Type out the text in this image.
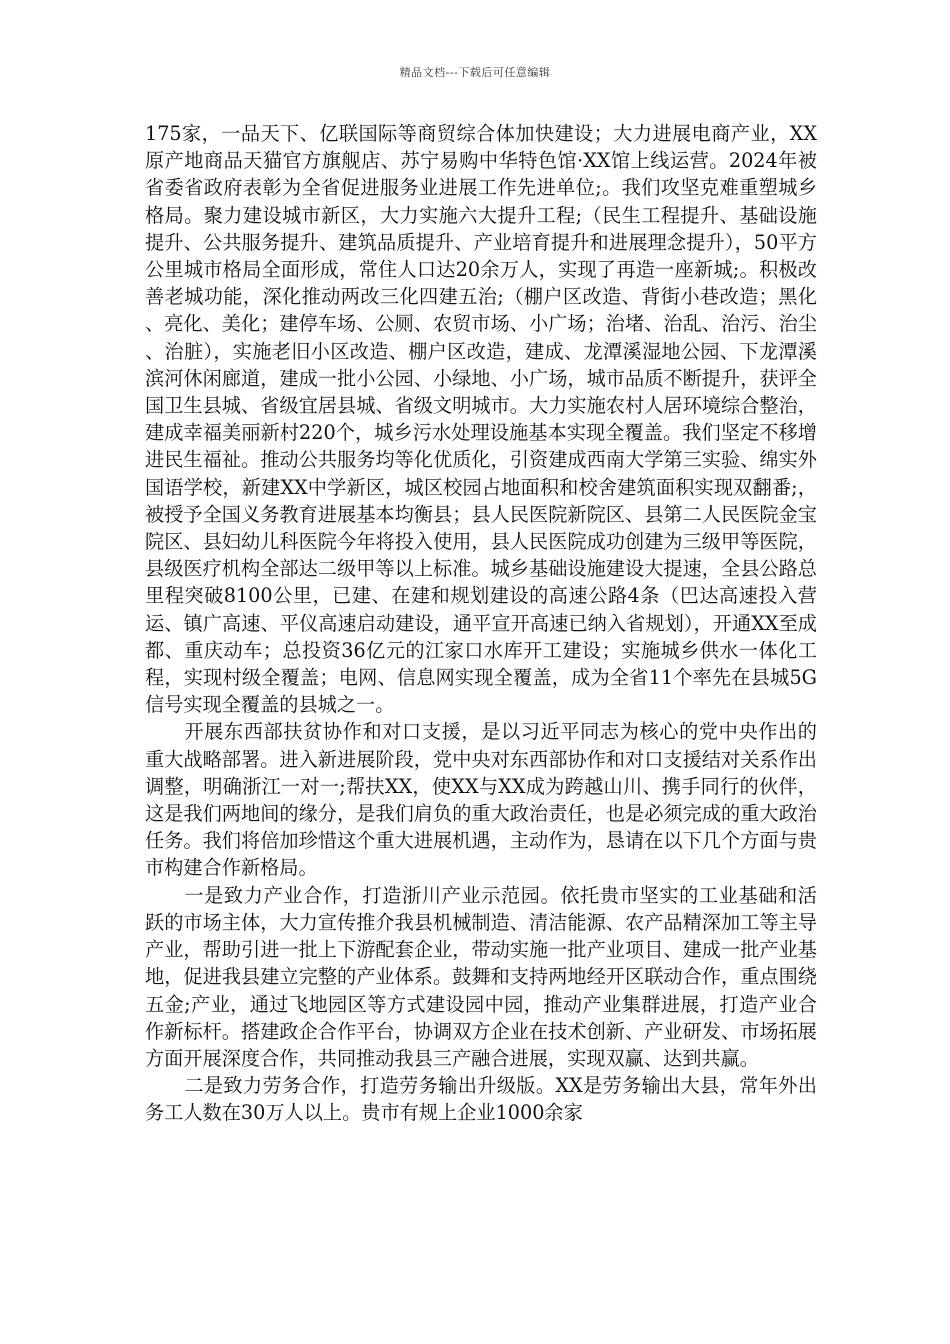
精品文档---下载后可任意编辑

175家，一品天下、亿联国际等商贸综合体加快建设；大力进展电商产业，XX原产地商品天猫官方旗舰店、苏宁易购中华特色馆·XX馆上线运营。2024年被省委省政府表彰为全省促进服务业进展工作先进单位;。我们攻坚克难重塑城乡格局。聚力建设城市新区，大力实施六大提升工程;（民生工程提升、基础设施提升、公共服务提升、建筑品质提升、产业培育提升和进展理念提升），50平方公里城市格局全面形成，常住人口达20余万人，实现了再造一座新城;。积极改善老城功能，深化推动两改三化四建五治;（棚户区改造、背街小巷改造；黑化、亮化、美化；建停车场、公厕、农贸市场、小广场；治堵、治乱、治污、治尘、治脏），实施老旧小区改造、棚户区改造，建成、龙潭溪湿地公园、下龙潭溪滨河休闲廊道，建成一批小公园、小绿地、小广场，城市品质不断提升，获评全国卫生县城、省级宜居县城、省级文明城市。大力实施农村人居环境综合整治，建成幸福美丽新村220个，城乡污水处理设施基本实现全覆盖。我们坚定不移增进民生福祉。推动公共服务均等化优质化，引资建成西南大学第三实验、绵实外国语学校，新建XX中学新区，城区校园占地面积和校舍建筑面积实现双翻番;，被授予全国义务教育进展基本均衡县；县人民医院新院区、县第二人民医院金宝院区、县妇幼儿科医院今年将投入使用，县人民医院成功创建为三级甲等医院，县级医疗机构全部达二级甲等以上标准。城乡基础设施建设大提速，全县公路总里程突破8100公里，已建、在建和规划建设的高速公路4条（巴达高速投入营运、镇广高速、平仪高速启动建设，通平宣开高速已纳入省规划），开通XX至成都、重庆动车；总投资36亿元的江家口水库开工建设；实施城乡供水一体化工程，实现村级全覆盖；电网、信息网实现全覆盖，成为全省11个率先在县城5G信号实现全覆盖的县城之一。

开展东西部扶贫协作和对口支援，是以习近平同志为核心的党中央作出的重大战略部署。进入新进展阶段，党中央对东西部协作和对口支援结对关系作出调整，明确浙江一对一;帮扶XX，使XX与XX成为跨越山川、携手同行的伙伴，这是我们两地间的缘分，是我们肩负的重大政治责任，也是必须完成的重大政治任务。我们将倍加珍惜这个重大进展机遇，主动作为，恳请在以下几个方面与贵市构建合作新格局。

一是致力产业合作，打造浙川产业示范园。依托贵市坚实的工业基础和活跃的市场主体，大力宣传推介我县机械制造、清洁能源、农产品精深加工等主导产业，帮助引进一批上下游配套企业，带动实施一批产业项目、建成一批产业基地，促进我县建立完整的产业体系。鼓舞和支持两地经开区联动合作，重点围绕五金;产业，通过飞地园区等方式建设园中园，推动产业集群进展，打造产业合作新标杆。搭建政企合作平台，协调双方企业在技术创新、产业研发、市场拓展方面开展深度合作，共同推动我县三产融合进展，实现双赢、达到共赢。

二是致力劳务合作，打造劳务输出升级版。XX是劳务输出大县，常年外出务工人数在30万人以上。贵市有规上企业1000余家
